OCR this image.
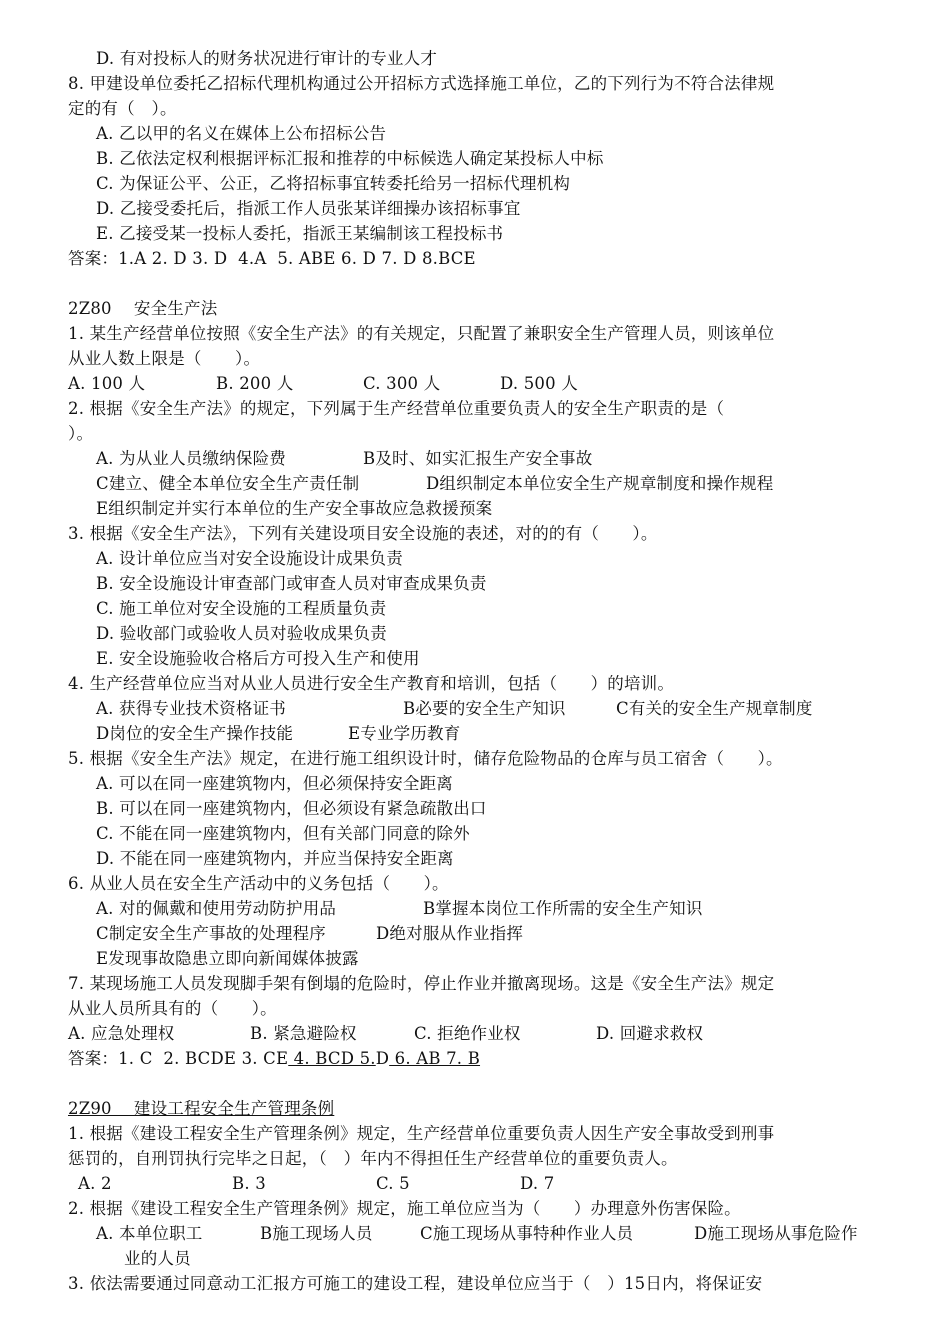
D. 有对投标人的财务状况进行审计的专业人才
8. 甲建设单位委托乙招标代理机构通过公开招标方式选择施工单位，乙的下列行为不符合法律规
定的有（　）。
A. 乙以甲的名义在媒体上公布招标公告
B. 乙依法定权利根据评标汇报和推荐的中标候选人确定某投标人中标
C. 为保证公平、公正，乙将招标事宜转委托给另一招标代理机构
D. 乙接受委托后，指派工作人员张某详细操办该招标事宜
E. 乙接受某一投标人委托，指派王某编制该工程投标书
答案：1.A 2. D 3. D  4.A  5. ABE 6. D 7. D 8.BCE
2Z80　 安全生产法
1. 某生产经营单位按照《安全生产法》的有关规定，只配置了兼职安全生产管理人员，则该单位
从业人数上限是（　　）。
A. 100 人	B. 200 人	C. 300 人	D. 500 人
2. 根据《安全生产法》的规定，下列属于生产经营单位重要负责人的安全生产职责的是（
）。
A. 为从业人员缴纳保险费	B及时、如实汇报生产安全事故
C建立、健全本单位安全生产责任制	D组织制定本单位安全生产规章制度和操作规程
E组织制定并实行本单位的生产安全事故应急救援预案
3. 根据《安全生产法》，下列有关建设项目安全设施的表述，对的的有（　　）。
A. 设计单位应当对安全设施设计成果负责
B. 安全设施设计审查部门或审查人员对审查成果负责
C. 施工单位对安全设施的工程质量负责
D. 验收部门或验收人员对验收成果负责
E. 安全设施验收合格后方可投入生产和使用
4. 生产经营单位应当对从业人员进行安全生产教育和培训，包括（　　）的培训。
A. 获得专业技术资格证书	B必要的安全生产知识	C有关的安全生产规章制度
D岗位的安全生产操作技能	E专业学历教育
5. 根据《安全生产法》规定，在进行施工组织设计时，储存危险物品的仓库与员工宿舍（　　）。
A. 可以在同一座建筑物内，但必须保持安全距离
B. 可以在同一座建筑物内，但必须设有紧急疏散出口
C. 不能在同一座建筑物内，但有关部门同意的除外
D. 不能在同一座建筑物内，并应当保持安全距离
6. 从业人员在安全生产活动中的义务包括（　　）。
A. 对的佩戴和使用劳动防护用品	B掌握本岗位工作所需的安全生产知识
C制定安全生产事故的处理程序	D绝对服从作业指挥
E发现事故隐患立即向新闻媒体披露
7. 某现场施工人员发现脚手架有倒塌的危险时，停止作业并撤离现场。这是《安全生产法》规定
从业人员所具有的（　　）。
A. 应急处理权	B. 紧急避险权	C. 拒绝作业权	D. 回避求救权
答案：1. C  2. BCDE 3. CE 4. BCD 5.D 6. AB 7. B
2Z90　 建设工程安全生产管理条例
1. 根据《建设工程安全生产管理条例》规定，生产经营单位重要负责人因生产安全事故受到刑事
惩罚的，自刑罚执行完毕之日起，（　）年内不得担任生产经营单位的重要负责人。
A. 2	B. 3	C. 5	D. 7
2. 根据《建设工程安全生产管理条例》规定，施工单位应当为（　　）办理意外伤害保险。
A. 本单位职工	B施工现场人员	C施工现场从事特种作业人员	D施工现场从事危险作
业的人员
3. 依法需要通过同意动工汇报方可施工的建设工程，建设单位应当于（　）15日内，将保证安
